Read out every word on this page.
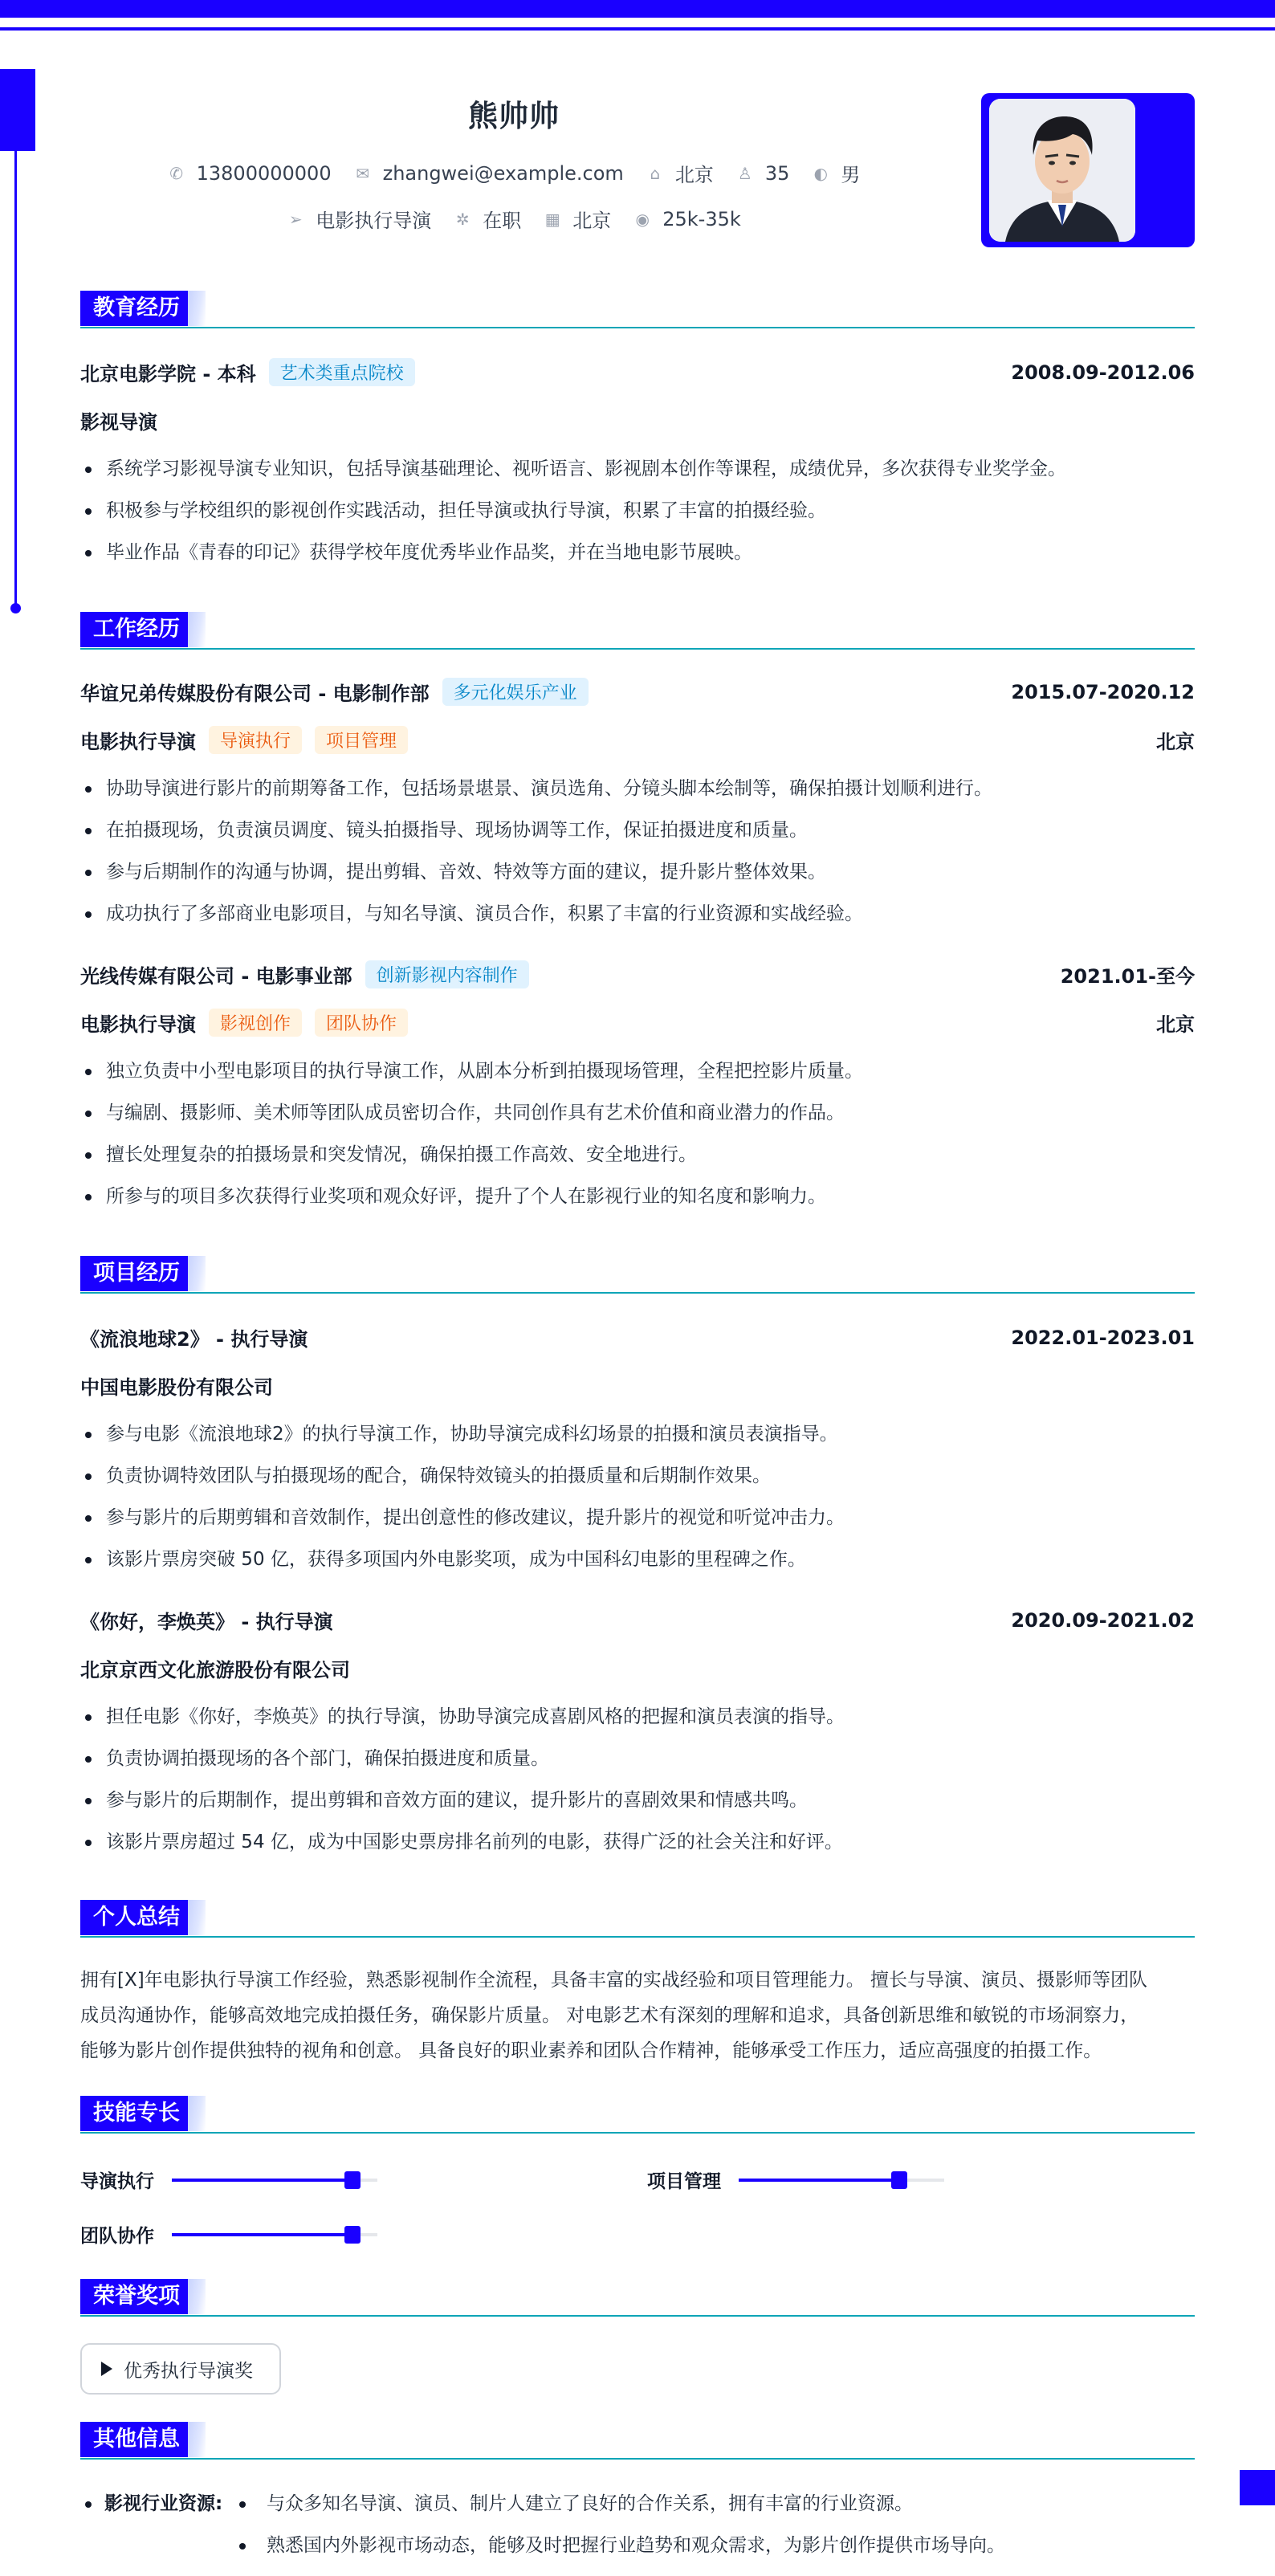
熊帅帅
✆ 13800000000 ✉ zhangwei@example.com ⌂ 北京 ♙ 35 ◐ 男
➢ 电影执行导演 ✲ 在职 ▦ 北京 ◉ 25k-35k
教育经历
北京电影学院 - 本科	艺术类重点院校	2008.09-2012.06
影视导演
系统学习影视导演专业知识，包括导演基础理论、视听语言、影视剧本创作等课程，成绩优异，多次获得专业奖学金。
积极参与学校组织的影视创作实践活动，担任导演或执行导演，积累了丰富的拍摄经验。
毕业作品《青春的印记》获得学校年度优秀毕业作品奖，并在当地电影节展映。
工作经历
华谊兄弟传媒股份有限公司 - 电影制作部	多元化娱乐产业	2015.07-2020.12
电影执行导演	导演执行	项目管理	北京
协助导演进行影片的前期筹备工作，包括场景堪景、演员选角、分镜头脚本绘制等，确保拍摄计划顺利进行。
在拍摄现场，负责演员调度、镜头拍摄指导、现场协调等工作，保证拍摄进度和质量。
参与后期制作的沟通与协调，提出剪辑、音效、特效等方面的建议，提升影片整体效果。
成功执行了多部商业电影项目，与知名导演、演员合作，积累了丰富的行业资源和实战经验。
光线传媒有限公司 - 电影事业部	创新影视内容制作	2021.01-至今
电影执行导演	影视创作	团队协作	北京
独立负责中小型电影项目的执行导演工作，从剧本分析到拍摄现场管理，全程把控影片质量。
与编剧、摄影师、美术师等团队成员密切合作，共同创作具有艺术价值和商业潜力的作品。
擅长处理复杂的拍摄场景和突发情况，确保拍摄工作高效、安全地进行。
所参与的项目多次获得行业奖项和观众好评，提升了个人在影视行业的知名度和影响力。
项目经历
《流浪地球2》 - 执行导演	2022.01-2023.01
中国电影股份有限公司
参与电影《流浪地球2》的执行导演工作，协助导演完成科幻场景的拍摄和演员表演指导。
负责协调特效团队与拍摄现场的配合，确保特效镜头的拍摄质量和后期制作效果。
参与影片的后期剪辑和音效制作，提出创意性的修改建议，提升影片的视觉和听觉冲击力。
该影片票房突破 50 亿，获得多项国内外电影奖项，成为中国科幻电影的里程碑之作。
《你好，李焕英》 - 执行导演	2020.09-2021.02
北京京西文化旅游股份有限公司
担任电影《你好，李焕英》的执行导演，协助导演完成喜剧风格的把握和演员表演的指导。
负责协调拍摄现场的各个部门，确保拍摄进度和质量。
参与影片的后期制作，提出剪辑和音效方面的建议，提升影片的喜剧效果和情感共鸣。
该影片票房超过 54 亿，成为中国影史票房排名前列的电影，获得广泛的社会关注和好评。
个人总结
拥有[X]年电影执行导演工作经验，熟悉影视制作全流程，具备丰富的实战经验和项目管理能力。 擅长与导演、演员、摄影师等团队
成员沟通协作，能够高效地完成拍摄任务，确保影片质量。 对电影艺术有深刻的理解和追求，具备创新思维和敏锐的市场洞察力，
能够为影片创作提供独特的视角和创意。 具备良好的职业素养和团队合作精神，能够承受工作压力，适应高强度的拍摄工作。
技能专长
导演执行	项目管理
团队协作
荣誉奖项
优秀执行导演奖
其他信息
影视行业资源: 与众多知名导演、演员、制片人建立了良好的合作关系，拥有丰富的行业资源。
熟悉国内外影视市场动态，能够及时把握行业趋势和观众需求，为影片创作提供市场导向。
